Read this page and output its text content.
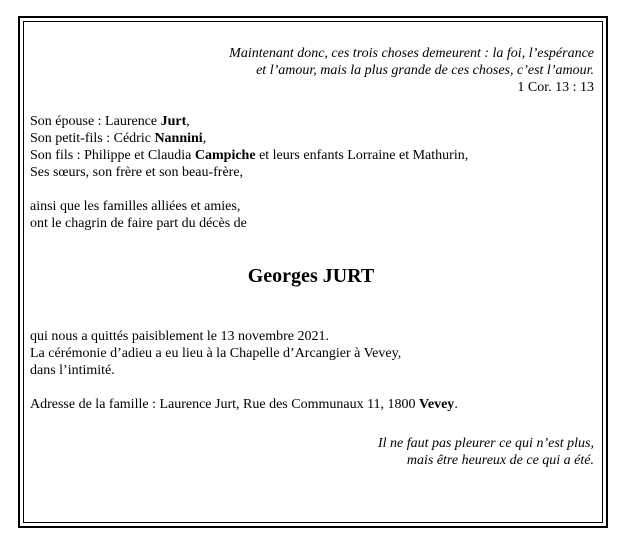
Maintenant donc, ces trois choses demeurent : la foi, l’espérance
et l’amour, mais la plus grande de ces choses, c’est l’amour.
1 Cor. 13 : 13
Son épouse : Laurence Jurt,
Son petit-fils : Cédric Nannini,
Son fils : Philippe et Claudia Campiche et leurs enfants Lorraine et Mathurin,
Ses sœurs, son frère et son beau-frère,
ainsi que les familles alliées et amies,
ont le chagrin de faire part du décès de
Georges JURT
qui nous a quittés paisiblement le 13 novembre 2021.
La cérémonie d’adieu a eu lieu à la Chapelle d’Arcangier à Vevey,
dans l’intimité.
Adresse de la famille : Laurence Jurt, Rue des Communaux 11, 1800 Vevey.
Il ne faut pas pleurer ce qui n’est plus,
mais être heureux de ce qui a été.
